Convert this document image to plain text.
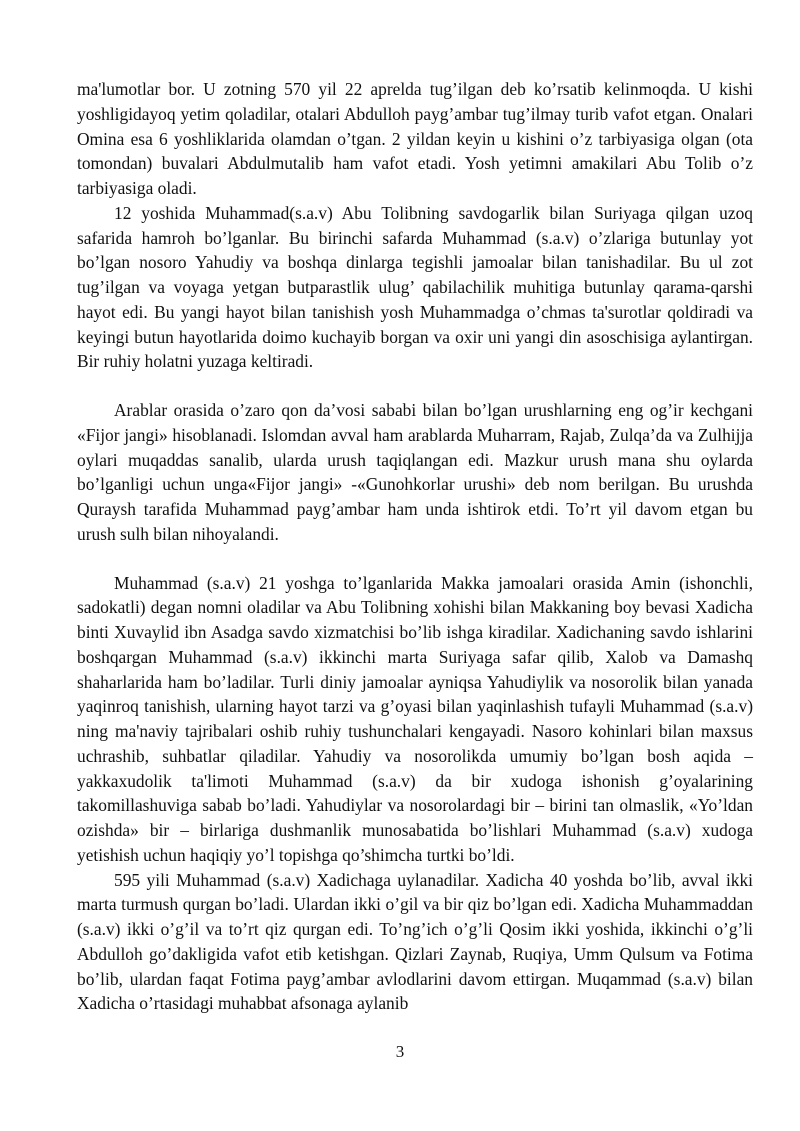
ma'lumotlar bor. U zotning 570 yil 22 aprelda tug’ilgan deb ko’rsatib kelinmoqda. U kishi yoshligidayoq yetim qoladilar, otalari Abdulloh payg’ambar tug’ilmay turib vafot etgan. Onalari Omina esa 6 yoshliklarida olamdan o’tgan. 2 yildan keyin u kishini o’z tarbiyasiga olgan (ota tomondan) buvalari Abdulmutalib ham vafot etadi. Yosh yetimni amakilari Abu Tolib o’z tarbiyasiga oladi.

12 yoshida Muhammad(s.a.v) Abu Tolibning savdogarlik bilan Suriyaga qilgan uzoq safarida hamroh bo’lganlar. Bu birinchi safarda Muhammad (s.a.v) o’zlariga butunlay yot bo’lgan nosoro Yahudiy va boshqa dinlarga tegishli jamoalar bilan tanishadilar. Bu ul zot tug’ilgan va voyaga yetgan butparastlik ulug’ qabilachilik muhitiga butunlay qarama-qarshi hayot edi. Bu yangi hayot bilan tanishish yosh Muhammadga o’chmas ta'surotlar qoldiradi va keyingi butun hayotlarida doimo kuchayib borgan va oxir uni yangi din asoschisiga aylantirgan. Bir ruhiy holatni yuzaga keltiradi.

Arablar orasida o’zaro qon da’vosi sababi bilan bo’lgan urushlarning eng og’ir kechgani «Fijor jangi» hisoblanadi. Islomdan avval ham arablarda Muharram, Rajab, Zulqa’da va Zulhijja oylari muqaddas sanalib, ularda urush taqiqlangan edi. Mazkur urush mana shu oylarda bo’lganligi uchun unga«Fijor jangi» -«Gunohkorlar urushi» deb nom berilgan. Bu urushda Quraysh tarafida Muhammad payg’ambar ham unda ishtirok etdi. To’rt yil davom etgan bu urush sulh bilan nihoyalandi.

Muhammad (s.a.v) 21 yoshga to’lganlarida Makka jamoalari orasida Amin (ishonchli, sadokatli) degan nomni oladilar va Abu Tolibning xohishi bilan Makkaning boy bevasi Xadicha binti Xuvaylid ibn Asadga savdo xizmatchisi bo’lib ishga kiradilar. Xadichaning savdo ishlarini boshqargan Muhammad (s.a.v) ikkinchi marta Suriyaga safar qilib, Xalob va Damashq shaharlarida ham bo’ladilar. Turli diniy jamoalar ayniqsa Yahudiylik va nosorolik bilan yanada yaqinroq tanishish, ularning hayot tarzi va g’oyasi bilan yaqinlashish tufayli Muhammad (s.a.v) ning ma'naviy tajribalari oshib ruhiy tushunchalari kengayadi. Nasoro kohinlari bilan maxsus uchrashib, suhbatlar qiladilar. Yahudiy va nosorolikda umumiy bo’lgan bosh aqida – yakkaxudolik ta'limoti Muhammad (s.a.v) da bir xudoga ishonish g’oyalarining takomillashuviga sabab bo’ladi. Yahudiylar va nosorolardagi bir – birini tan olmaslik, «Yo’ldan ozishda» bir – birlariga dushmanlik munosabatida bo’lishlari Muhammad (s.a.v) xudoga yetishish uchun haqiqiy yo’l topishga qo’shimcha turtki bo’ldi.

595 yili Muhammad (s.a.v) Xadichaga uylanadilar. Xadicha 40 yoshda bo’lib, avval ikki marta turmush qurgan bo’ladi. Ulardan ikki o’gil va bir qiz bo’lgan edi. Xadicha Muhammaddan (s.a.v) ikki o’g’il va to’rt qiz qurgan edi. To’ng’ich o’g’li Qosim ikki yoshida, ikkinchi o’g’li Abdulloh go’dakligida vafot etib ketishgan. Qizlari Zaynab, Ruqiya, Umm Qulsum va Fotima bo’lib, ulardan faqat Fotima payg’ambar avlodlarini davom ettirgan. Muqammad (s.a.v) bilan Xadicha o’rtasidagi muhabbat afsonaga aylanib

3
